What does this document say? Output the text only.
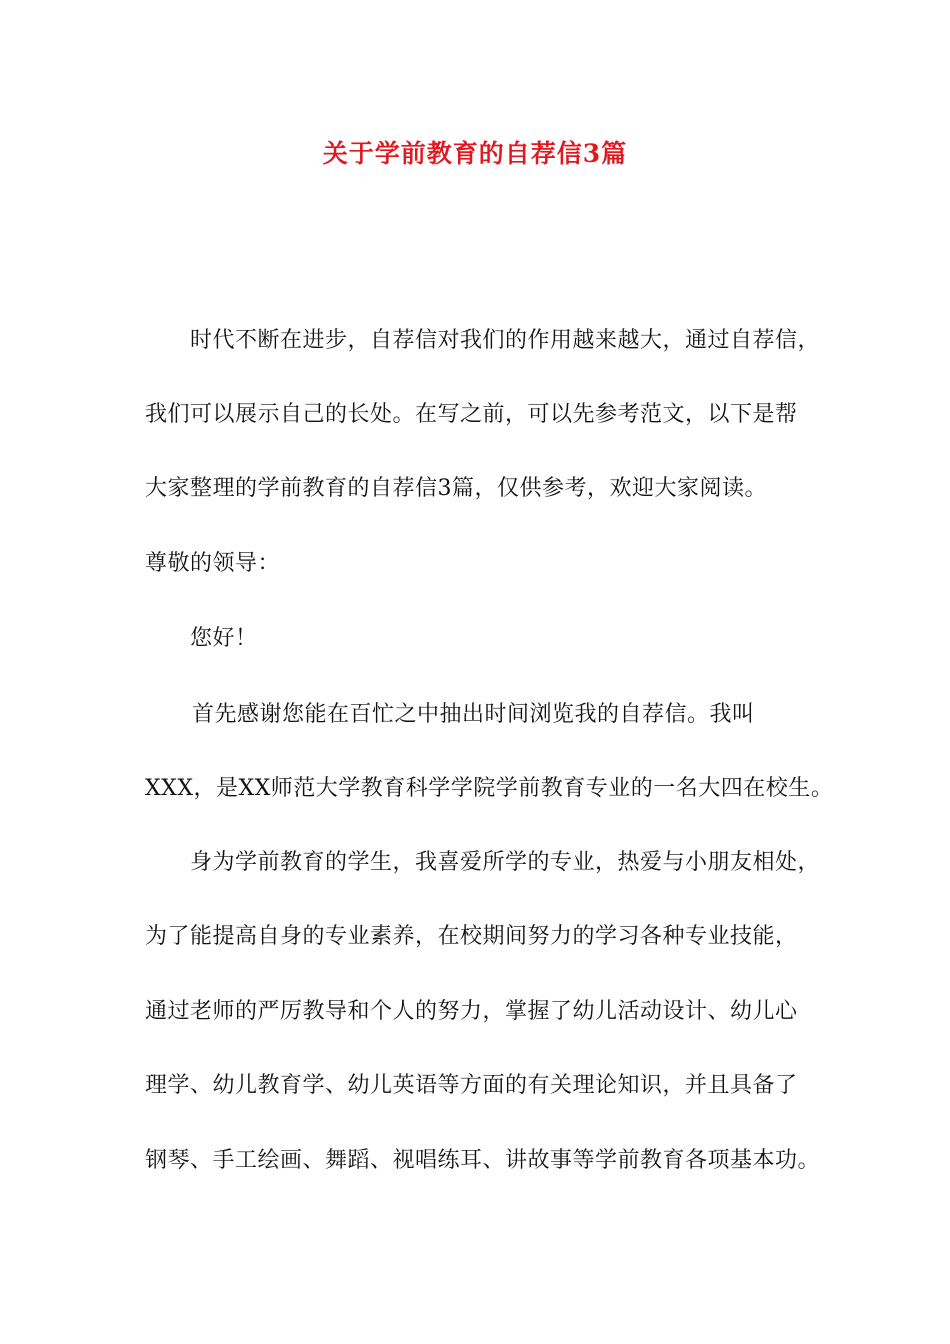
关于学前教育的自荐信3篇

时代不断在进步，自荐信对我们的作用越来越大，通过自荐信，

我们可以展示自己的长处。在写之前，可以先参考范文，以下是帮

大家整理的学前教育的自荐信3篇，仅供参考，欢迎大家阅读。

尊敬的领导：

您好！

首先感谢您能在百忙之中抽出时间浏览我的自荐信。我叫

XXX，是XX师范大学教育科学学院学前教育专业的一名大四在校生。

身为学前教育的学生，我喜爱所学的专业，热爱与小朋友相处，

为了能提高自身的专业素养，在校期间努力的学习各种专业技能，

通过老师的严厉教导和个人的努力，掌握了幼儿活动设计、幼儿心

理学、幼儿教育学、幼儿英语等方面的有关理论知识，并且具备了

钢琴、手工绘画、舞蹈、视唱练耳、讲故事等学前教育各项基本功。
